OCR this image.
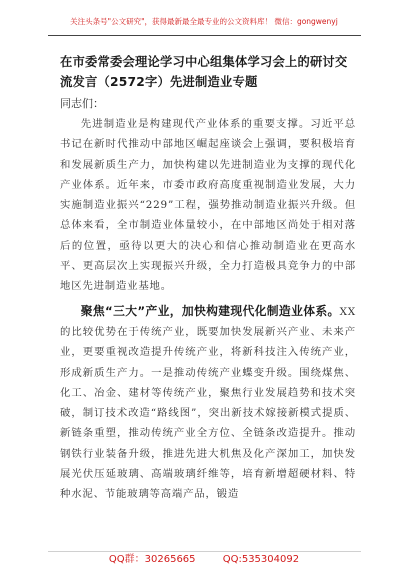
关注头条号"公文研究"，获得最新最全最专业的公文资料库！ 微信：gongwenyj
在市委常委会理论学习中心组集体学习会上的研讨交流发言（2572字）先进制造业专题

同志们：

先进制造业是构建现代产业体系的重要支撑。习近平总书记在新时代推动中部地区崛起座谈会上强调，要积极培育和发展新质生产力，加快构建以先进制造业为支撑的现代化产业体系。近年来，市委市政府高度重视制造业发展，大力实施制造业振兴“229”工程，强势推动制造业振兴升级。但总体来看，全市制造业体量较小，在中部地区尚处于相对落后的位置，亟待以更大的决心和信心推动制造业在更高水平、更高层次上实现振兴升级，全力打造极具竞争力的中部地区先进制造业基地。

聚焦“三大”产业，加快构建现代化制造业体系。XX的比较优势在于传统产业，既要加快发展新兴产业、未来产业，更要重视改造提升传统产业，将新科技注入传统产业，形成新质生产力。一是推动传统产业蝶变升级。围绕煤焦、化工、冶金、建材等传统产业，聚焦行业发展趋势和技术突破，制订技术改造“路线图”，突出新技术嫁接新模式提质、新链条重塑，推动传统产业全方位、全链条改造提升。推动钢铁行业装备升级，推进先进大机焦及化产深加工，加快发展光伏压延玻璃、高端玻璃纤维等，培育新增超硬材料、特种水泥、节能玻璃等高端产品，锻造

QQ群：30265665	QQ:535304092
